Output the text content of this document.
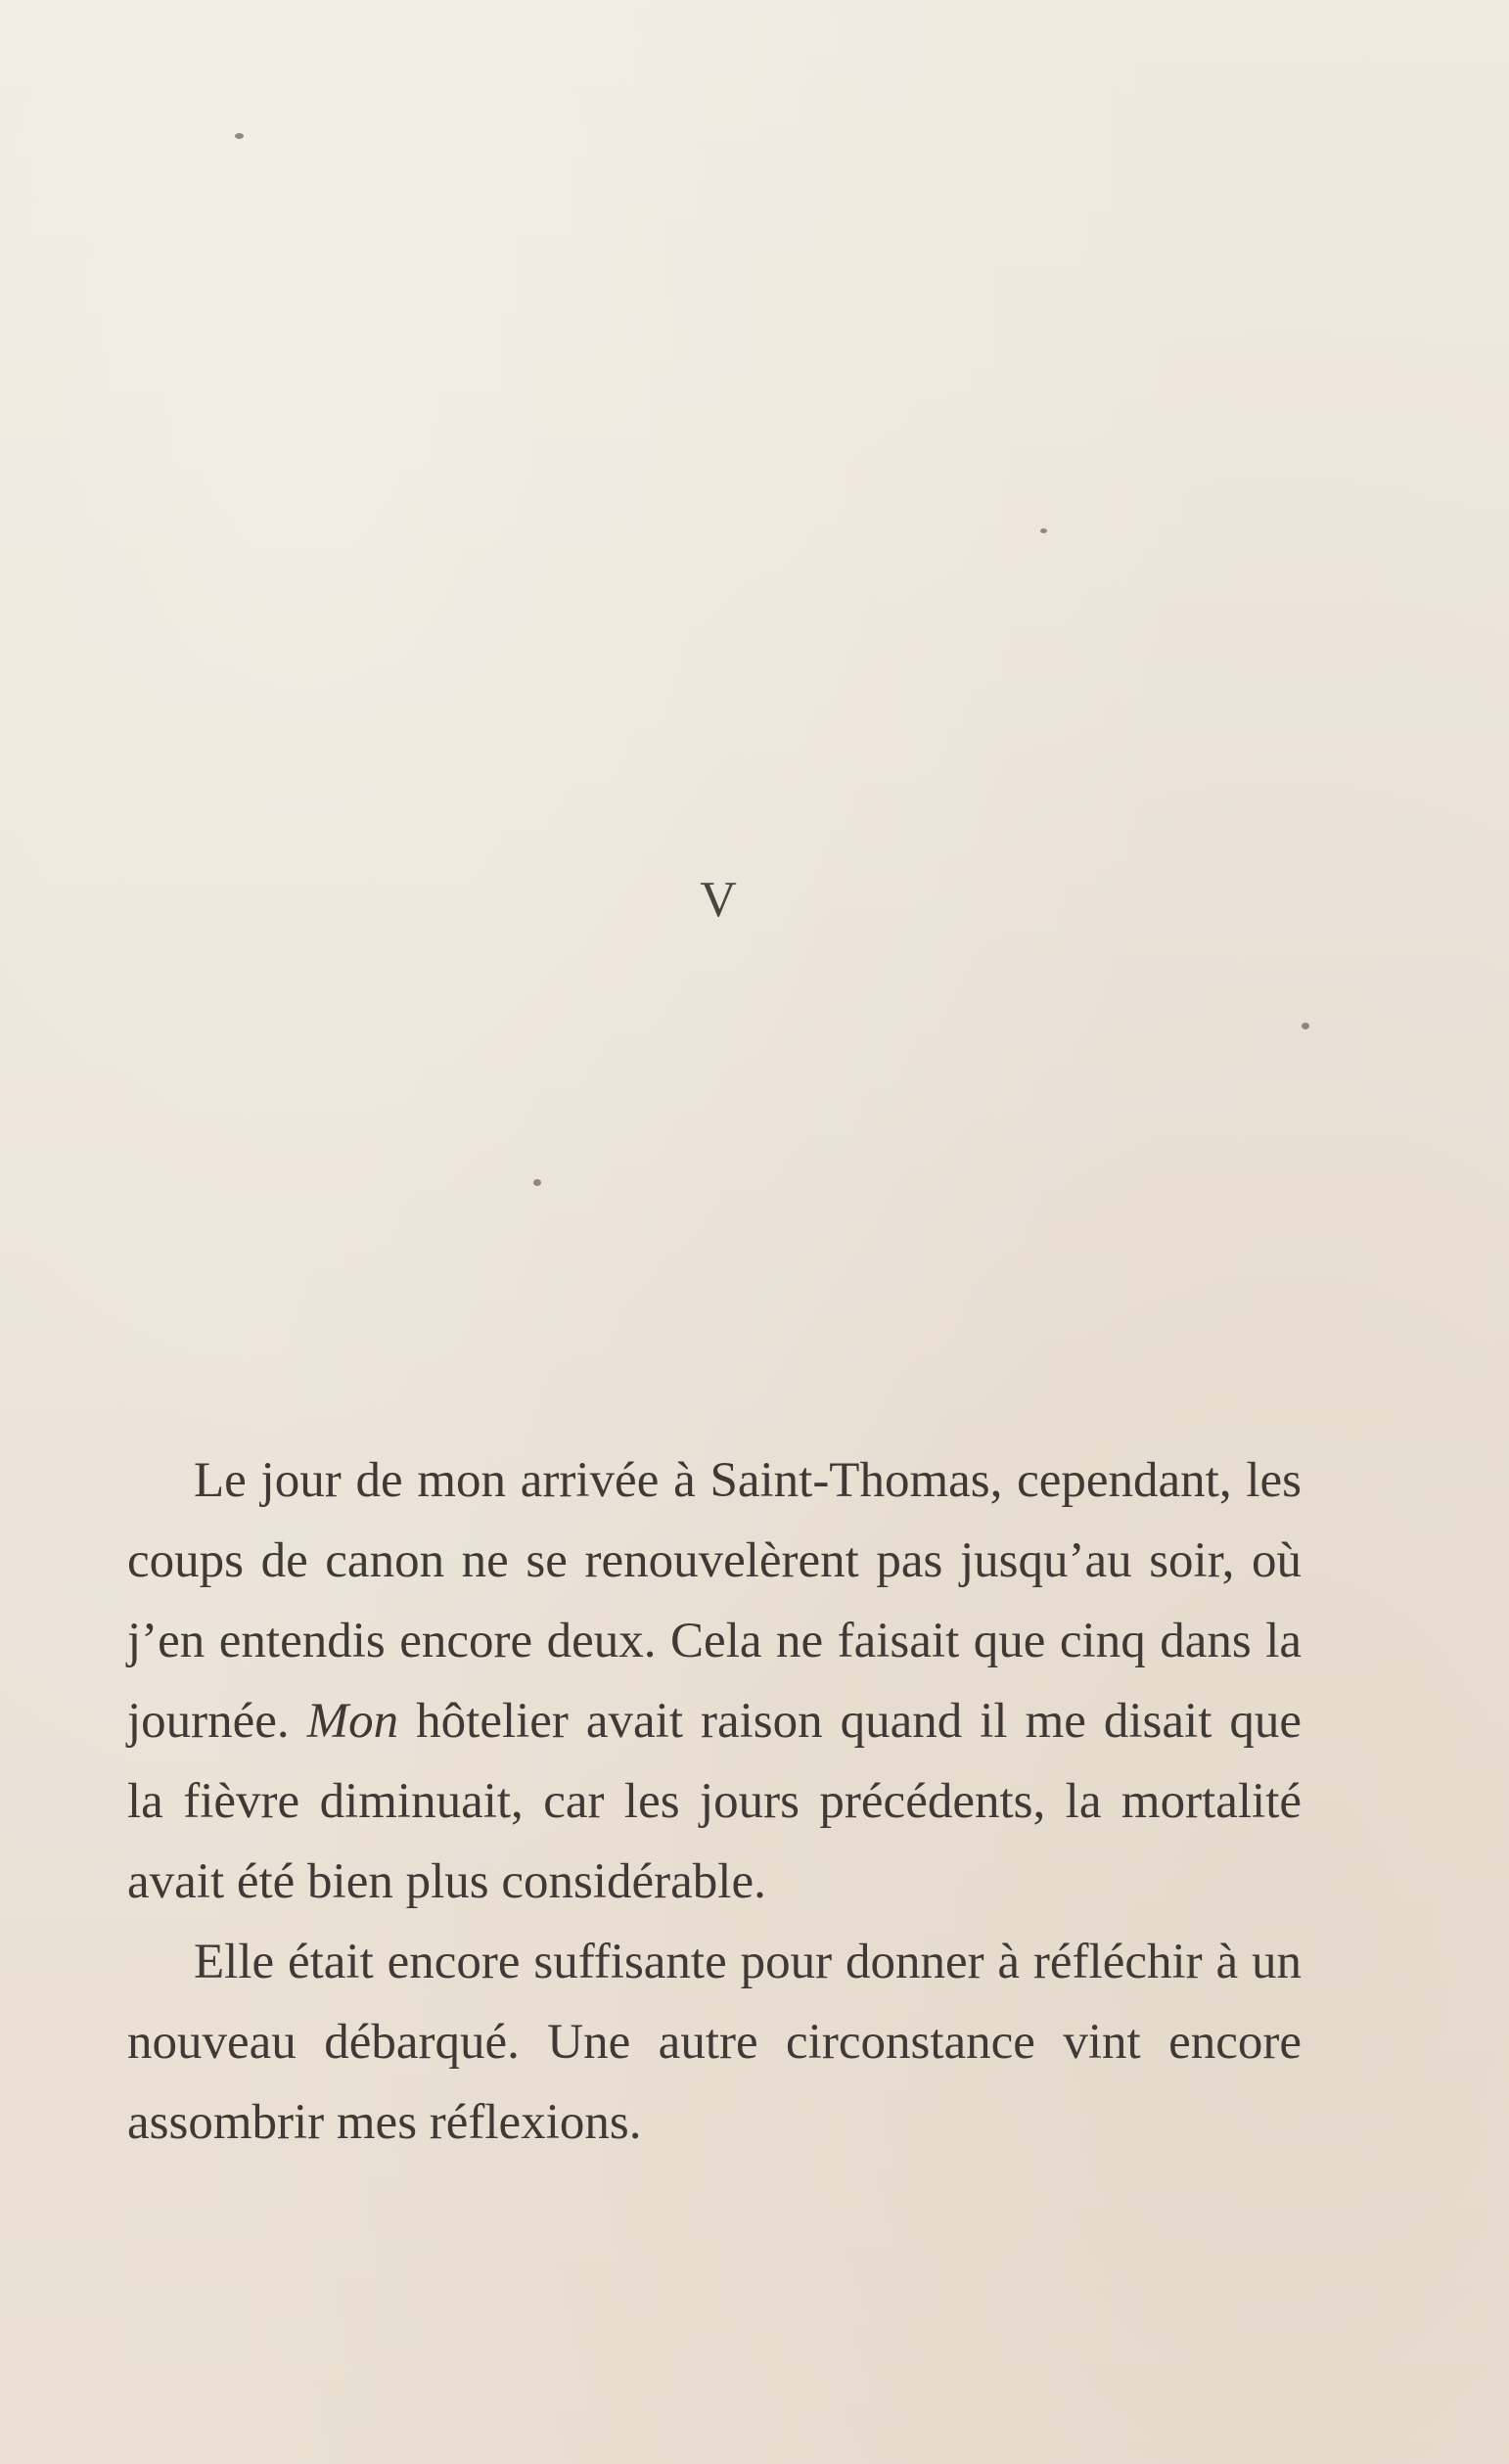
V

Le jour de mon arrivée à Saint-Thomas, cependant, les coups de canon ne se renouvelèrent pas jusqu’au soir, où j’en entendis encore deux. Cela ne faisait que cinq dans la journée. Mon hôtelier avait raison quand il me disait que la fièvre diminuait, car les jours précédents, la mortalité avait été bien plus considérable.

Elle était encore suffisante pour donner à réfléchir à un nouveau débarqué. Une autre circonstance vint encore assombrir mes réflexions.
